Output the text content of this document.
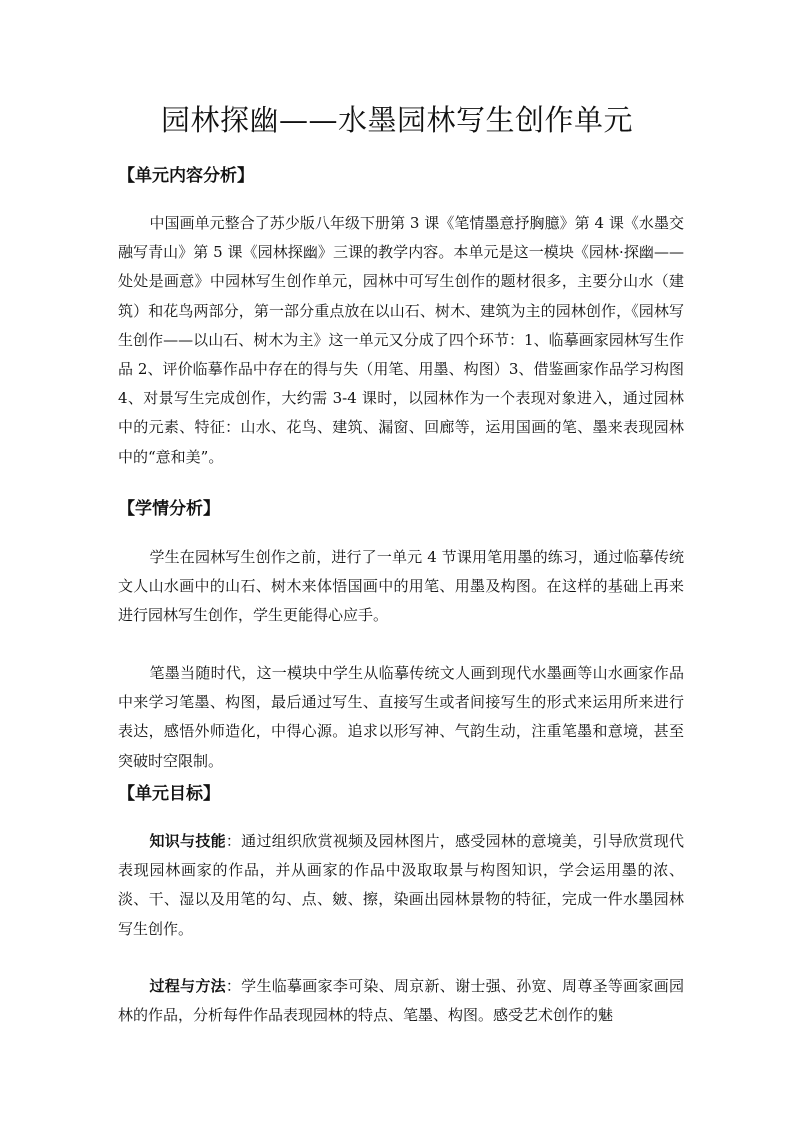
园林探幽——水墨园林写生创作单元
【单元内容分析】
中国画单元整合了苏少版八年级下册第 3 课《笔情墨意抒胸臆》第 4 课《水墨交融写青山》第 5 课《园林探幽》三课的教学内容。本单元是这一模块《园林·探幽——处处是画意》中园林写生创作单元，园林中可写生创作的题材很多，主要分山水（建筑）和花鸟两部分，第一部分重点放在以山石、树木、建筑为主的园林创作，《园林写生创作——以山石、树木为主》这一单元又分成了四个环节：1、临摹画家园林写生作品 2、评价临摹作品中存在的得与失（用笔、用墨、构图）3、借鉴画家作品学习构图 4、对景写生完成创作，大约需 3-4 课时，以园林作为一个表现对象进入，通过园林中的元素、特征：山水、花鸟、建筑、漏窗、回廊等，运用国画的笔、墨来表现园林中的“意和美”。
【学情分析】
学生在园林写生创作之前，进行了一单元 4 节课用笔用墨的练习，通过临摹传统文人山水画中的山石、树木来体悟国画中的用笔、用墨及构图。在这样的基础上再来进行园林写生创作，学生更能得心应手。
笔墨当随时代，这一模块中学生从临摹传统文人画到现代水墨画等山水画家作品中来学习笔墨、构图，最后通过写生、直接写生或者间接写生的形式来运用所来进行表达，感悟外师造化，中得心源。追求以形写神、气韵生动，注重笔墨和意境，甚至突破时空限制。
【单元目标】
知识与技能：通过组织欣赏视频及园林图片，感受园林的意境美，引导欣赏现代表现园林画家的作品，并从画家的作品中汲取取景与构图知识，学会运用墨的浓、淡、干、湿以及用笔的勾、点、皴、擦，染画出园林景物的特征，完成一件水墨园林写生创作。
过程与方法：学生临摹画家李可染、周京新、谢士强、孙宽、周尊圣等画家画园林的作品，分析每件作品表现园林的特点、笔墨、构图。感受艺术创作的魅
